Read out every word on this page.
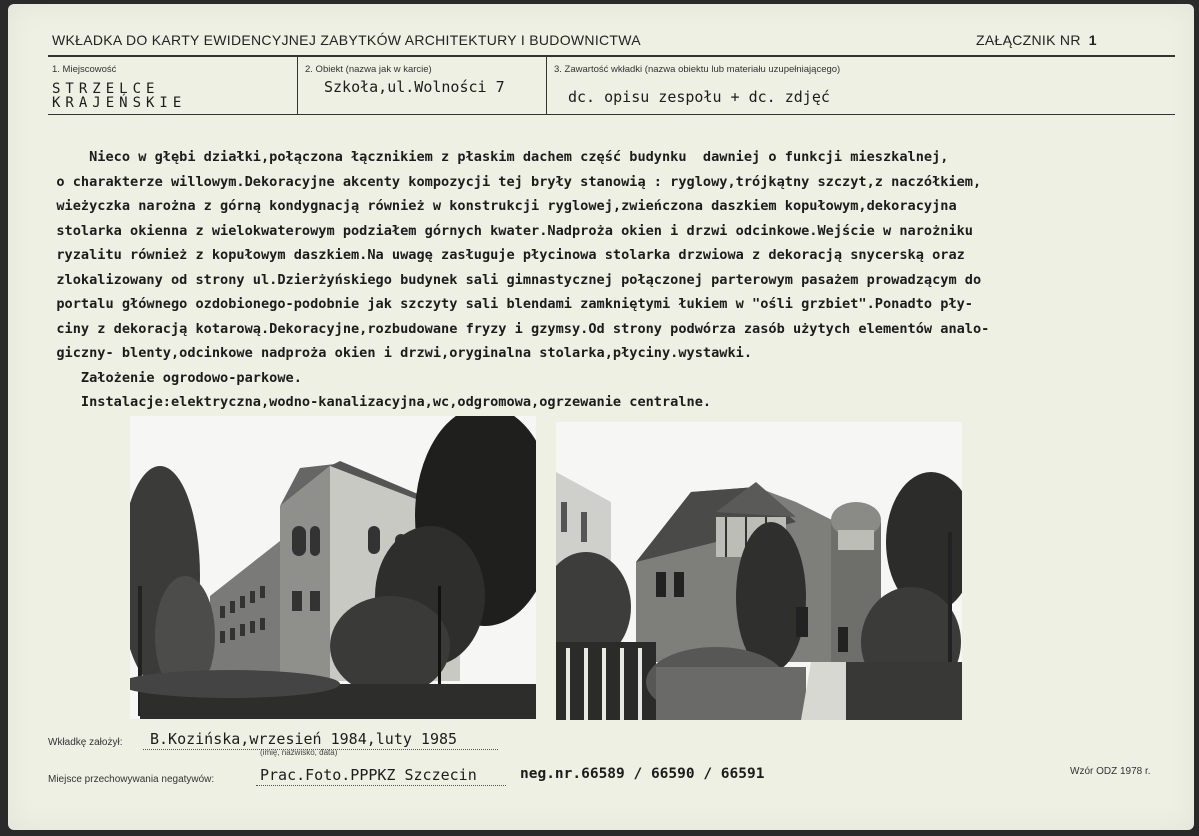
WKŁADKA DO KARTY EWIDENCYJNEJ ZABYTKÓW ARCHITEKTURY I BUDOWNICTWA	ZAŁĄCZNIK NR 1
1. Miejscowość
STRZELCE
KRAJEŃSKIE
2. Obiekt (nazwa jak w karcie)
Szkoła,ul.Wolności 7
3. Zawartość wkładki (nazwa obiektu lub materiału uzupełniającego)
dc. opisu zespołu + dc. zdjęć
Nieco w głębi działki,połączona łącznikiem z płaskim dachem część budynku  dawniej o funkcji mieszkalnej,
o charakterze willowym.Dekoracyjne akcenty kompozycji tej bryły stanowią : ryglowy,trójkątny szczyt,z naczółkiem,
wieżyczka narożna z górną kondygnacją również w konstrukcji ryglowej,zwieńczona daszkiem kopułowym,dekoracyjna
stolarka okienna z wielokwaterowym podziałem górnych kwater.Nadproża okien i drzwi odcinkowe.Wejście w narożniku
ryzalitu również z kopułowym daszkiem.Na uwagę zasługuje płycinowa stolarka drzwiowa z dekoracją snycerską oraz
zlokalizowany od strony ul.Dzierżyńskiego budynek sali gimnastycznej połączonej parterowym pasażem prowadzącym do
portalu głównego ozdobionego-podobnie jak szczyty sali blendami zamkniętymi łukiem w "ośli grzbiet".Ponadto pły-
ciny z dekoracją kotarową.Dekoracyjne,rozbudowane fryzy i gzymsy.Od strony podwórza zasób użytych elementów analo-
giczny- blenty,odcinkowe nadproża okien i drzwi,oryginalna stolarka,płyciny.wystawki.
Założenie ogrodowo-parkowe.
Instalacje:elektryczna,wodno-kanalizacyjna,wc,odgromowa,ogrzewanie centralne.
Wkładkę założył: B.Kozińska,wrzesień 1984,luty 1985
(imię, nazwisko, data)
Miejsce przechowywania negatywów:	Prac.Foto.PPPKZ Szczecin	neg.nr.66589 / 66590 / 66591	Wzór ODZ 1978 r.
